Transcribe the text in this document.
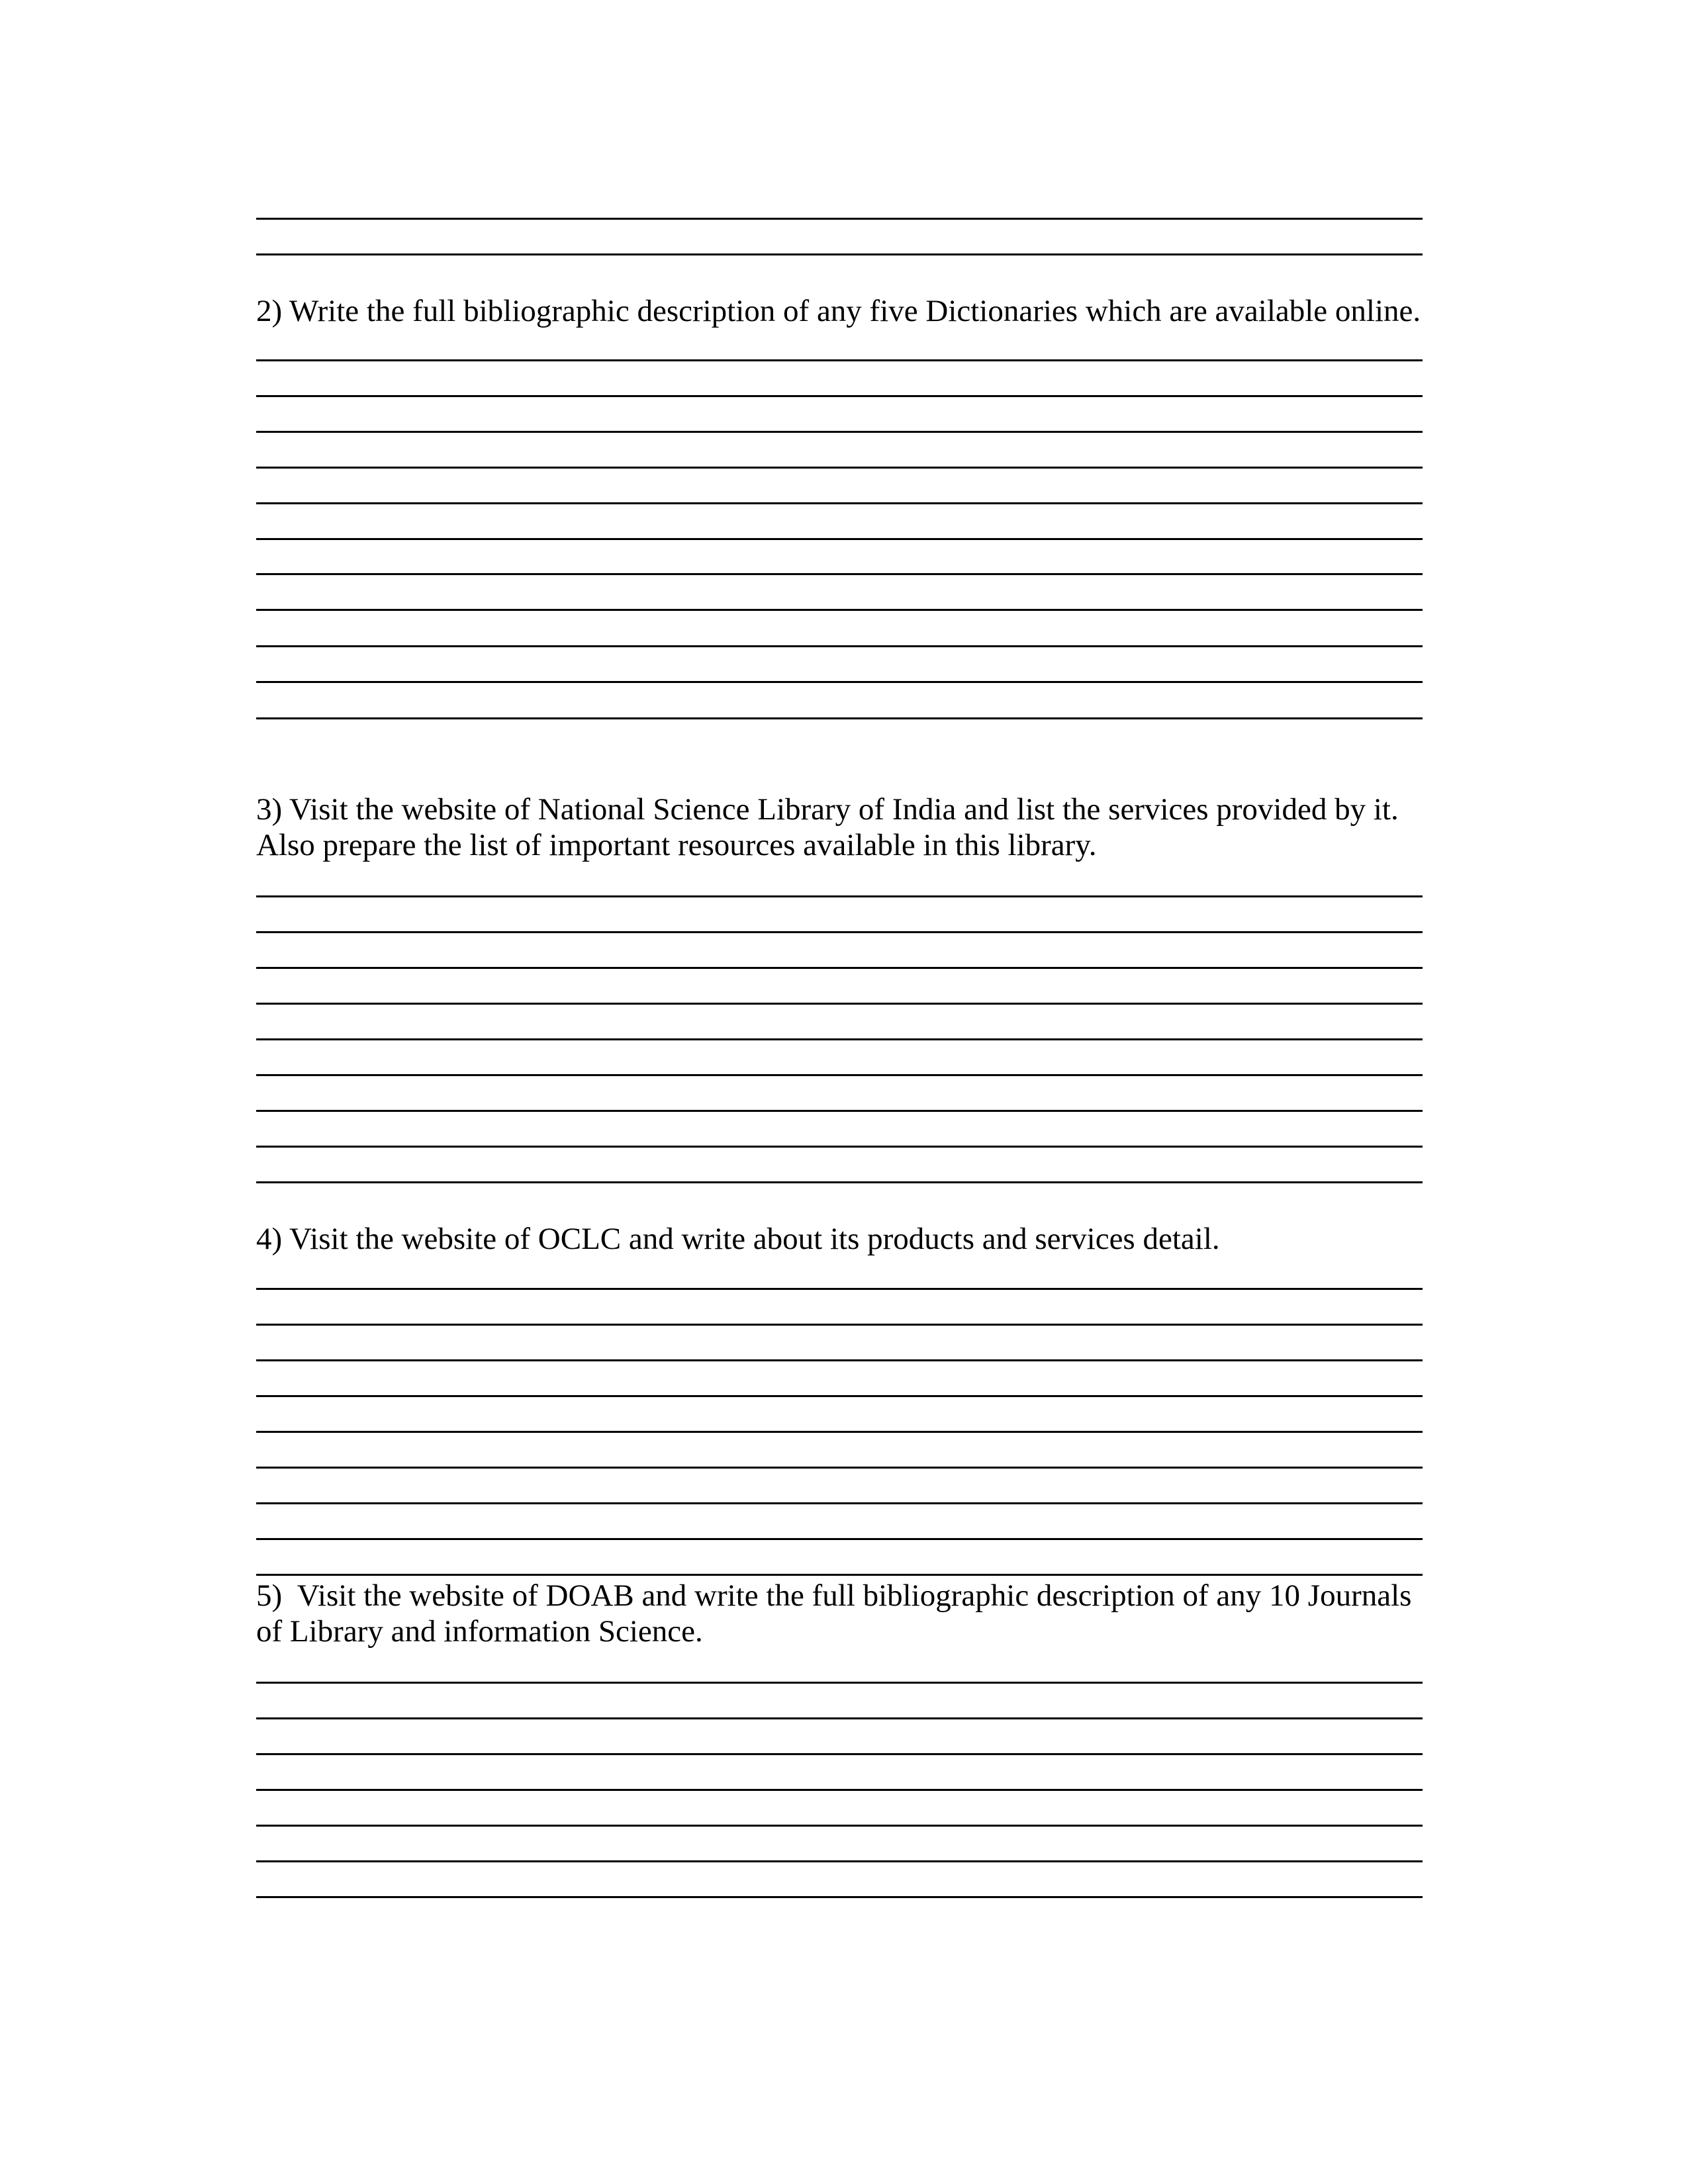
2) Write the full bibliographic description of any five Dictionaries which are available online.

3) Visit the website of National Science Library of India and list the services provided by it.

Also prepare the list of important resources available in this library.

4) Visit the website of OCLC and write about its products and services detail.

5)  Visit the website of DOAB and write the full bibliographic description of any 10 Journals

of Library and information Science.
